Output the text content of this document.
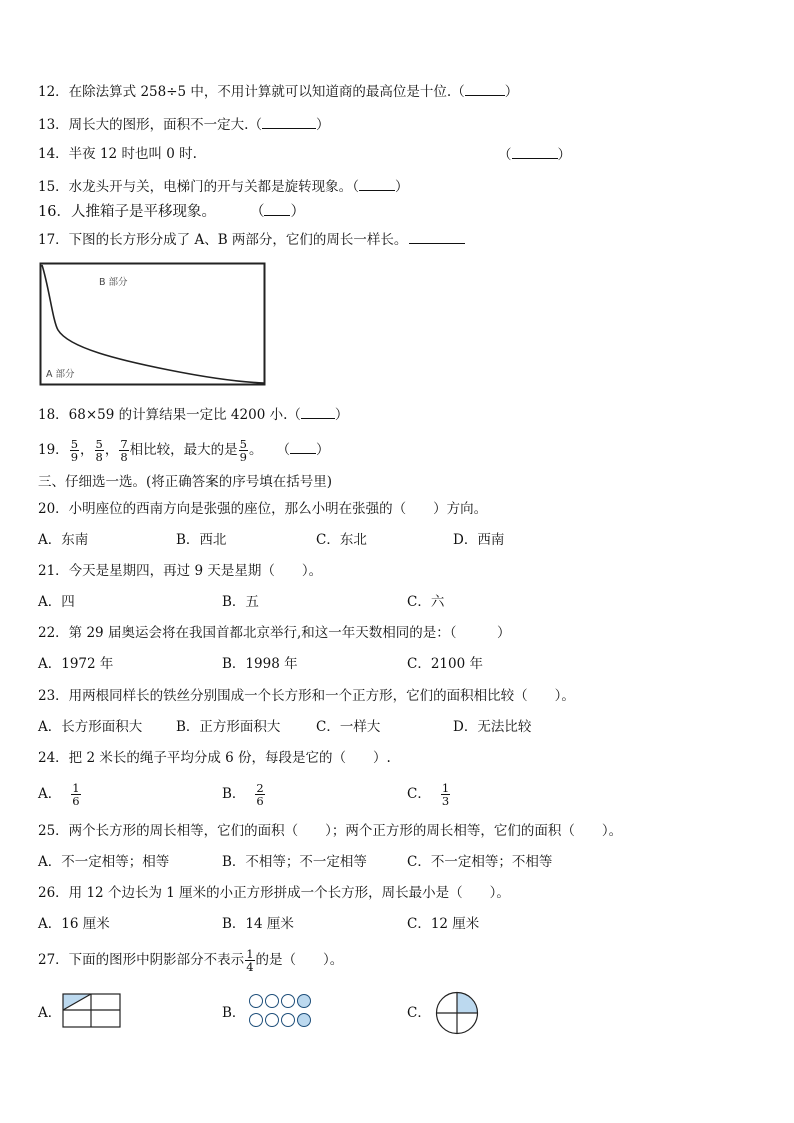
12．在除法算式 258÷5 中，不用计算就可以知道商的最高位是十位.（	）
13．周长大的图形，面积不一定大.（	）
14．半夜 12 时也叫 0 时.	（	）
15．水龙头开与关，电梯门的开与关都是旋转现象。（	）
16．人推箱子是平移现象。 （ ）
17．下图的长方形分成了 A、B 两部分，它们的周长一样长。
B 部分
A 部分
18．68×59 的计算结果一定比 4200 小.（	）
19． $\frac{5}{9}$ ， $\frac{5}{8}$ ， $\frac{7}{8}$ 相比较，最大的是 $\frac{5}{9}$ 。 （ ）
三、仔细选一选。(将正确答案的序号填在括号里)
20．小明座位的西南方向是张强的座位，那么小明在张强的（　　）方向。
A．东南	B．西北	C．东北	D．西南
21．今天是星期四，再过 9 天是星期（　　）。
A．四	B．五	C．六
22．第 29 届奥运会将在我国首都北京举行,和这一年天数相同的是：（　　　）
A．1972 年	B．1998 年	C．2100 年
23．用两根同样长的铁丝分别围成一个长方形和一个正方形，它们的面积相比较（　　）。
A．长方形面积大	B．正方形面积大	C．一样大	D．无法比较
24．把 2 米长的绳子平均分成 6 份，每段是它的（　　）.
A． $\frac{1}{6}$	B． $\frac{2}{6}$	C． $\frac{1}{3}$
25．两个长方形的周长相等，它们的面积（　　）；两个正方形的周长相等，它们的面积（　　）。
A．不一定相等；相等	B．不相等；不一定相等	C．不一定相等；不相等
26．用 12 个边长为 1 厘米的小正方形拼成一个长方形，周长最小是（　　）。
A．16 厘米	B．14 厘米	C．12 厘米
27．下面的图形中阴影部分不表示 $\frac{1}{4}$ 的是（　　）。
A．	B．	C．
